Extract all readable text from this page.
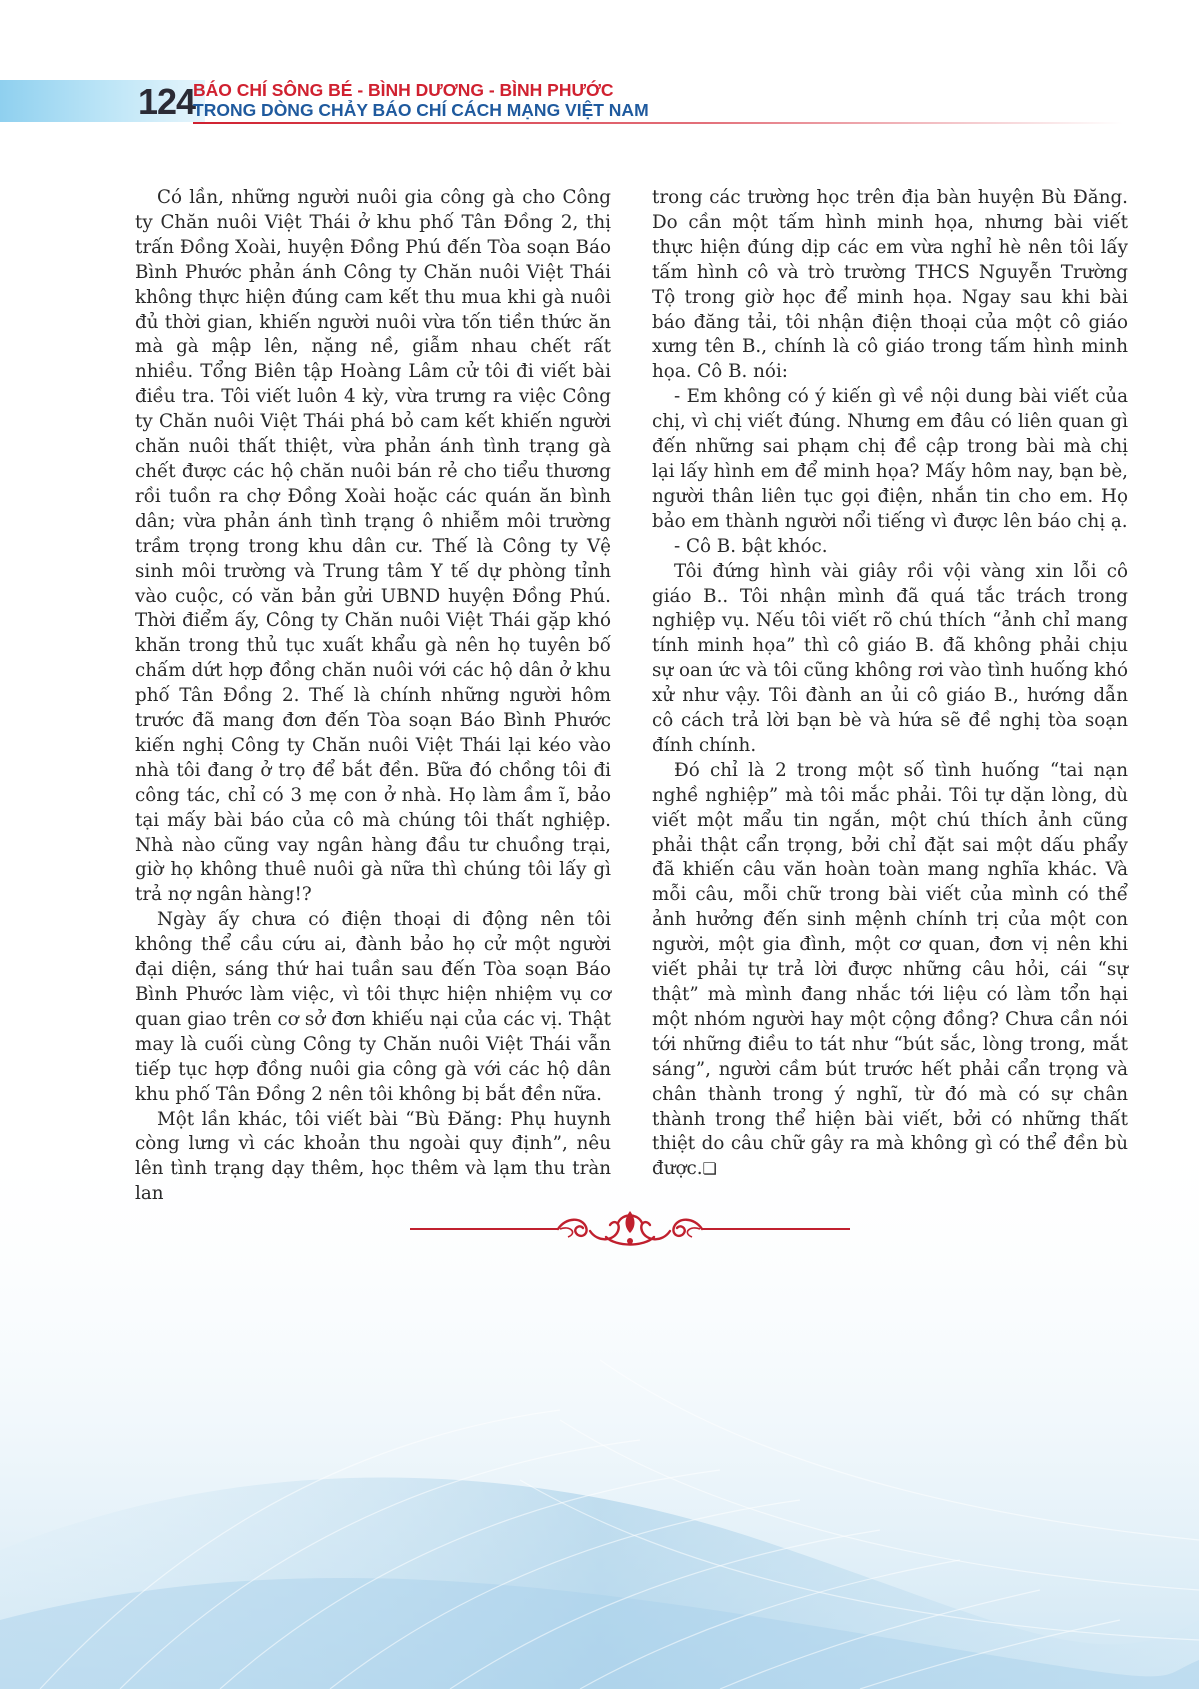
124
BÁO CHÍ SÔNG BÉ - BÌNH DƯƠNG - BÌNH PHƯỚC
TRONG DÒNG CHẢY BÁO CHÍ CÁCH MẠNG VIỆT NAM

Có lần, những người nuôi gia công gà cho Công ty Chăn nuôi Việt Thái ở khu phố Tân Đồng 2, thị trấn Đồng Xoài, huyện Đồng Phú đến Tòa soạn Báo Bình Phước phản ánh Công ty Chăn nuôi Việt Thái không thực hiện đúng cam kết thu mua khi gà nuôi đủ thời gian, khiến người nuôi vừa tốn tiền thức ăn mà gà mập lên, nặng nề, giẫm nhau chết rất nhiều. Tổng Biên tập Hoàng Lâm cử tôi đi viết bài điều tra. Tôi viết luôn 4 kỳ, vừa trưng ra việc Công ty Chăn nuôi Việt Thái phá bỏ cam kết khiến người chăn nuôi thất thiệt, vừa phản ánh tình trạng gà chết được các hộ chăn nuôi bán rẻ cho tiểu thương rồi tuồn ra chợ Đồng Xoài hoặc các quán ăn bình dân; vừa phản ánh tình trạng ô nhiễm môi trường trầm trọng trong khu dân cư. Thế là Công ty Vệ sinh môi trường và Trung tâm Y tế dự phòng tỉnh vào cuộc, có văn bản gửi UBND huyện Đồng Phú. Thời điểm ấy, Công ty Chăn nuôi Việt Thái gặp khó khăn trong thủ tục xuất khẩu gà nên họ tuyên bố chấm dứt hợp đồng chăn nuôi với các hộ dân ở khu phố Tân Đồng 2. Thế là chính những người hôm trước đã mang đơn đến Tòa soạn Báo Bình Phước kiến nghị Công ty Chăn nuôi Việt Thái lại kéo vào nhà tôi đang ở trọ để bắt đền. Bữa đó chồng tôi đi công tác, chỉ có 3 mẹ con ở nhà. Họ làm ầm ĩ, bảo tại mấy bài báo của cô mà chúng tôi thất nghiệp. Nhà nào cũng vay ngân hàng đầu tư chuồng trại, giờ họ không thuê nuôi gà nữa thì chúng tôi lấy gì trả nợ ngân hàng!?

Ngày ấy chưa có điện thoại di động nên tôi không thể cầu cứu ai, đành bảo họ cử một người đại diện, sáng thứ hai tuần sau đến Tòa soạn Báo Bình Phước làm việc, vì tôi thực hiện nhiệm vụ cơ quan giao trên cơ sở đơn khiếu nại của các vị. Thật may là cuối cùng Công ty Chăn nuôi Việt Thái vẫn tiếp tục hợp đồng nuôi gia công gà với các hộ dân khu phố Tân Đồng 2 nên tôi không bị bắt đền nữa.

Một lần khác, tôi viết bài “Bù Đăng: Phụ huynh còng lưng vì các khoản thu ngoài quy định”, nêu lên tình trạng dạy thêm, học thêm và lạm thu tràn lan

trong các trường học trên địa bàn huyện Bù Đăng. Do cần một tấm hình minh họa, nhưng bài viết thực hiện đúng dịp các em vừa nghỉ hè nên tôi lấy tấm hình cô và trò trường THCS Nguyễn Trường Tộ trong giờ học để minh họa. Ngay sau khi bài báo đăng tải, tôi nhận điện thoại của một cô giáo xưng tên B., chính là cô giáo trong tấm hình minh họa. Cô B. nói:

- Em không có ý kiến gì về nội dung bài viết của chị, vì chị viết đúng. Nhưng em đâu có liên quan gì đến những sai phạm chị đề cập trong bài mà chị lại lấy hình em để minh họa? Mấy hôm nay, bạn bè, người thân liên tục gọi điện, nhắn tin cho em. Họ bảo em thành người nổi tiếng vì được lên báo chị ạ.

- Cô B. bật khóc.

Tôi đứng hình vài giây rồi vội vàng xin lỗi cô giáo B.. Tôi nhận mình đã quá tắc trách trong nghiệp vụ. Nếu tôi viết rõ chú thích “ảnh chỉ mang tính minh họa” thì cô giáo B. đã không phải chịu sự oan ức và tôi cũng không rơi vào tình huống khó xử như vậy. Tôi đành an ủi cô giáo B., hướng dẫn cô cách trả lời bạn bè và hứa sẽ đề nghị tòa soạn đính chính.

Đó chỉ là 2 trong một số tình huống “tai nạn nghề nghiệp” mà tôi mắc phải. Tôi tự dặn lòng, dù viết một mẩu tin ngắn, một chú thích ảnh cũng phải thật cẩn trọng, bởi chỉ đặt sai một dấu phẩy đã khiến câu văn hoàn toàn mang nghĩa khác. Và mỗi câu, mỗi chữ trong bài viết của mình có thể ảnh hưởng đến sinh mệnh chính trị của một con người, một gia đình, một cơ quan, đơn vị nên khi viết phải tự trả lời được những câu hỏi, cái “sự thật” mà mình đang nhắc tới liệu có làm tổn hại một nhóm người hay một cộng đồng? Chưa cần nói tới những điều to tát như “bút sắc, lòng trong, mắt sáng”, người cầm bút trước hết phải cẩn trọng và chân thành trong ý nghĩ, từ đó mà có sự chân thành trong thể hiện bài viết, bởi có những thất thiệt do câu chữ gây ra mà không gì có thể đền bù được.❏
